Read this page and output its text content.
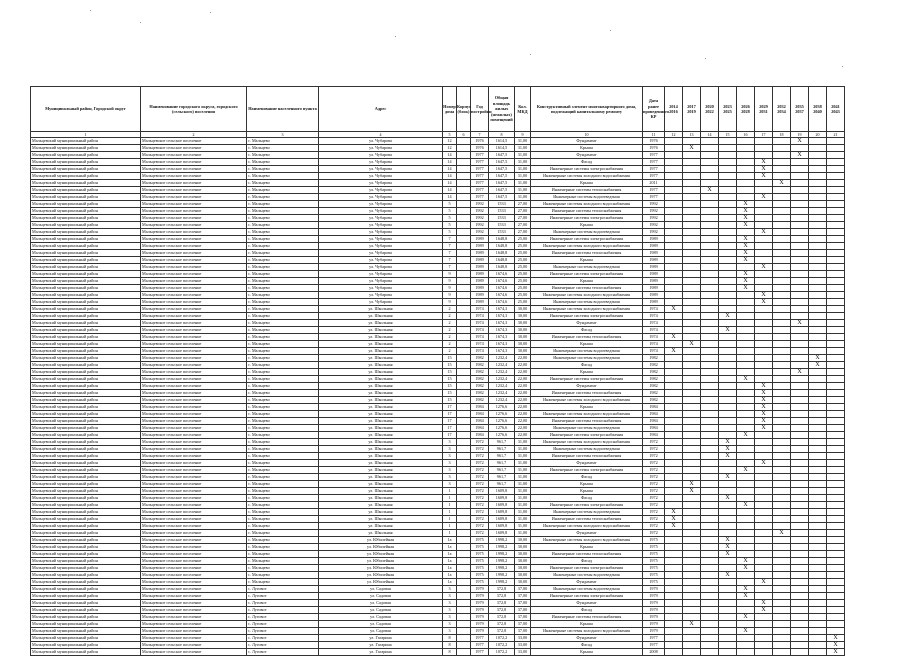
Муниципальный район, Городской округ	Наименование городского округа, городского (сельского) поселения	Наименование населенного пункта	Адрес	Номер дома	Корпус (блок)	Год постройки	Общая площадь жилых (нежилых) помещений	Кол. МКД	Конструктивный элемент многоквартирного дома, подлежащий капитальному ремонту	Дата ранее проведенного КР	2014 2016	2017 2019	2020 2022	2023 2025	2026 2028	2029 2031	2032 2034	2035 2037	2038 2040	2041 2043
1	2	3	4	5	6	7	8	9	10	11	12	13	14	15	16	17	18	19	20	21
Мальцевский муниципальный район	Мальцевское сельское поселение	с. Мальцево	ул. Чубарова	12		1976	1614,5	31,00	Фундамент	1976								X		
Мальцевский муниципальный район	Мальцевское сельское поселение	с. Мальцево	ул. Чубарова	12		1976	1614,5	31,00	Крыша	1976		X								
Мальцевский муниципальный район	Мальцевское сельское поселение	с. Мальцево	ул. Чубарова	14		1977	1647,5	31,00	Фундамент	1977								X		
Мальцевский муниципальный район	Мальцевское сельское поселение	с. Мальцево	ул. Чубарова	14		1977	1647,5	31,00	Фасад	1977						X				
Мальцевский муниципальный район	Мальцевское сельское поселение	с. Мальцево	ул. Чубарова	14		1977	1647,5	31,00	Инженерные системы электроснабжения	1977						X				
Мальцевский муниципальный район	Мальцевское сельское поселение	с. Мальцево	ул. Чубарова	14		1977	1647,5	31,00	Инженерные системы холодного водоснабжения	1977						X				
Мальцевский муниципальный район	Мальцевское сельское поселение	с. Мальцево	ул. Чубарова	14		1977	1647,5	31,00	Крыша	2011							X			
Мальцевский муниципальный район	Мальцевское сельское поселение	с. Мальцево	ул. Чубарова	14		1977	1647,5	31,00	Инженерные системы теплоснабжения	1977			X							
Мальцевский муниципальный район	Мальцевское сельское поселение	с. Мальцево	ул. Чубарова	14		1977	1647,5	31,00	Инженерные системы водоотведения	1977						X				
Мальцевский муниципальный район	Мальцевское сельское поселение	с. Мальцево	ул. Чубарова	5		1992	1533	27,00	Инженерные системы холодного водоснабжения	1992					X					
Мальцевский муниципальный район	Мальцевское сельское поселение	с. Мальцево	ул. Чубарова	5		1992	1533	27,00	Инженерные системы теплоснабжения	1992					X					
Мальцевский муниципальный район	Мальцевское сельское поселение	с. Мальцево	ул. Чубарова	5		1992	1533	27,00	Инженерные системы электроснабжения	1992					X					
Мальцевский муниципальный район	Мальцевское сельское поселение	с. Мальцево	ул. Чубарова	5		1992	1533	27,00	Крыша	1992					X					
Мальцевский муниципальный район	Мальцевское сельское поселение	с. Мальцево	ул. Чубарова	5		1992	1533	27,00	Инженерные системы водоотведения	1992						X				
Мальцевский муниципальный район	Мальцевское сельское поселение	с. Мальцево	ул. Чубарова	7		1989	1648,8	25,00	Инженерные системы электроснабжения	1989					X					
Мальцевский муниципальный район	Мальцевское сельское поселение	с. Мальцево	ул. Чубарова	7		1989	1648,8	25,00	Инженерные системы холодного водоснабжения	1989					X					
Мальцевский муниципальный район	Мальцевское сельское поселение	с. Мальцево	ул. Чубарова	7		1989	1648,8	25,00	Инженерные системы теплоснабжения	1989					X					
Мальцевский муниципальный район	Мальцевское сельское поселение	с. Мальцево	ул. Чубарова	7		1989	1648,8	25,00	Крыша	1989					X					
Мальцевский муниципальный район	Мальцевское сельское поселение	с. Мальцево	ул. Чубарова	7		1989	1648,8	25,00	Инженерные системы водоотведения	1989						X				
Мальцевский муниципальный район	Мальцевское сельское поселение	с. Мальцево	ул. Чубарова	9		1989	1674,6	25,00	Инженерные системы электроснабжения	1989					X					
Мальцевский муниципальный район	Мальцевское сельское поселение	с. Мальцево	ул. Чубарова	9		1989	1674,6	25,00	Крыша	1989					X					
Мальцевский муниципальный район	Мальцевское сельское поселение	с. Мальцево	ул. Чубарова	9		1989	1674,6	25,00	Инженерные системы теплоснабжения	1989					X					
Мальцевский муниципальный район	Мальцевское сельское поселение	с. Мальцево	ул. Чубарова	9		1989	1674,6	25,00	Инженерные системы холодного водоснабжения	1989						X				
Мальцевский муниципальный район	Мальцевское сельское поселение	с. Мальцево	ул. Чубарова	9		1989	1674,6	25,00	Инженерные системы водоотведения	1989						X				
Мальцевский муниципальный район	Мальцевское сельское поселение	с. Мальцево	ул. Школьная	2		1974	1674,3	30,00	Инженерные системы холодного водоснабжения	1974	X									
Мальцевский муниципальный район	Мальцевское сельское поселение	с. Мальцево	ул. Школьная	2		1974	1674,3	30,00	Инженерные системы электроснабжения	1974				X						
Мальцевский муниципальный район	Мальцевское сельское поселение	с. Мальцево	ул. Школьная	2		1974	1674,3	30,00	Фундамент	1974								X		
Мальцевский муниципальный район	Мальцевское сельское поселение	с. Мальцево	ул. Школьная	2		1974	1674,3	30,00	Фасад	1974				X						
Мальцевский муниципальный район	Мальцевское сельское поселение	с. Мальцево	ул. Школьная	2		1974	1674,3	30,00	Инженерные системы теплоснабжения	1974	X									
Мальцевский муниципальный район	Мальцевское сельское поселение	с. Мальцево	ул. Школьная	2		1974	1674,3	30,00	Крыша	1974		X								
Мальцевский муниципальный район	Мальцевское сельское поселение	с. Мальцево	ул. Школьная	2		1974	1674,3	30,00	Инженерные системы водоотведения	1974	X									
Мальцевский муниципальный район	Мальцевское сельское поселение	с. Мальцево	ул. Школьная	15		1982	1232,4	22,00	Инженерные системы водоотведения	1982									X	
Мальцевский муниципальный район	Мальцевское сельское поселение	с. Мальцево	ул. Школьная	15		1982	1232,4	22,00	Фасад	1982									X	
Мальцевский муниципальный район	Мальцевское сельское поселение	с. Мальцево	ул. Школьная	15		1982	1232,4	22,00	Крыша	1982								X		
Мальцевский муниципальный район	Мальцевское сельское поселение	с. Мальцево	ул. Школьная	15		1982	1232,4	22,00	Инженерные системы электроснабжения	1982					X					
Мальцевский муниципальный район	Мальцевское сельское поселение	с. Мальцево	ул. Школьная	15		1982	1232,4	22,00	Фундамент	1982						X				
Мальцевский муниципальный район	Мальцевское сельское поселение	с. Мальцево	ул. Школьная	15		1982	1232,4	22,00	Инженерные системы теплоснабжения	1982						X				
Мальцевский муниципальный район	Мальцевское сельское поселение	с. Мальцево	ул. Школьная	15		1982	1232,4	22,00	Инженерные системы холодного водоснабжения	1982						X				
Мальцевский муниципальный район	Мальцевское сельское поселение	с. Мальцево	ул. Школьная	17		1984	1276,6	22,00	Крыша	1984						X				
Мальцевский муниципальный район	Мальцевское сельское поселение	с. Мальцево	ул. Школьная	17		1984	1276,6	22,00	Инженерные системы холодного водоснабжения	1984						X				
Мальцевский муниципальный район	Мальцевское сельское поселение	с. Мальцево	ул. Школьная	17		1984	1276,6	22,00	Инженерные системы теплоснабжения	1984						X				
Мальцевский муниципальный район	Мальцевское сельское поселение	с. Мальцево	ул. Школьная	17		1984	1276,6	22,00	Инженерные системы водоотведения	1984						X				
Мальцевский муниципальный район	Мальцевское сельское поселение	с. Мальцево	ул. Школьная	17		1984	1276,6	22,00	Инженерные системы электроснабжения	1984					X					
Мальцевский муниципальный район	Мальцевское сельское поселение	с. Мальцево	ул. Школьная	3		1972	961,7	31,00	Инженерные системы холодного водоснабжения	1972				X						
Мальцевский муниципальный район	Мальцевское сельское поселение	с. Мальцево	ул. Школьная	3		1972	961,7	31,00	Инженерные системы водоотведения	1972				X						
Мальцевский муниципальный район	Мальцевское сельское поселение	с. Мальцево	ул. Школьная	3		1972	961,7	31,00	Инженерные системы теплоснабжения	1972				X						
Мальцевский муниципальный район	Мальцевское сельское поселение	с. Мальцево	ул. Школьная	3		1972	961,7	31,00	Фундамент	1972						X				
Мальцевский муниципальный район	Мальцевское сельское поселение	с. Мальцево	ул. Школьная	3		1972	961,7	31,00	Инженерные системы электроснабжения	1972					X					
Мальцевский муниципальный район	Мальцевское сельское поселение	с. Мальцево	ул. Школьная	3		1972	961,7	31,00	Фасад	1972				X						
Мальцевский муниципальный район	Мальцевское сельское поселение	с. Мальцево	ул. Школьная	3		1972	961,7	31,00	Крыша	1972		X								
Мальцевский муниципальный район	Мальцевское сельское поселение	с. Мальцево	ул. Школьная	1		1972	1609,8	31,00	Крыша	1972		X								
Мальцевский муниципальный район	Мальцевское сельское поселение	с. Мальцево	ул. Школьная	1		1972	1609,8	31,00	Фасад	1972				X						
Мальцевский муниципальный район	Мальцевское сельское поселение	с. Мальцево	ул. Школьная	1		1972	1609,8	31,00	Инженерные системы электроснабжения	1972					X					
Мальцевский муниципальный район	Мальцевское сельское поселение	с. Мальцево	ул. Школьная	1		1972	1609,8	31,00	Инженерные системы водоотведения	1972	X									
Мальцевский муниципальный район	Мальцевское сельское поселение	с. Мальцево	ул. Школьная	1		1972	1609,8	31,00	Инженерные системы теплоснабжения	1972	X									
Мальцевский муниципальный район	Мальцевское сельское поселение	с. Мальцево	ул. Школьная	1		1972	1609,8	31,00	Инженерные системы холодного водоснабжения	1972	X									
Мальцевский муниципальный район	Мальцевское сельское поселение	с. Мальцево	ул. Школьная	1		1972	1609,8	31,00	Фундамент	1972							X			
Мальцевский муниципальный район	Мальцевское сельское поселение	с. Мальцево	ул. Юбилейная	1а		1975	1998,2	30,00	Инженерные системы холодного водоснабжения	1975				X						
Мальцевский муниципальный район	Мальцевское сельское поселение	с. Мальцево	ул. Юбилейная	1а		1975	1998,2	30,00	Крыша	1975				X						
Мальцевский муниципальный район	Мальцевское сельское поселение	с. Мальцево	ул. Юбилейная	1а		1975	1998,2	30,00	Инженерные системы теплоснабжения	1975				X						
Мальцевский муниципальный район	Мальцевское сельское поселение	с. Мальцево	ул. Юбилейная	1а		1975	1998,2	30,00	Фасад	1975					X					
Мальцевский муниципальный район	Мальцевское сельское поселение	с. Мальцево	ул. Юбилейная	1а		1975	1998,2	30,00	Инженерные системы электроснабжения	1975					X					
Мальцевский муниципальный район	Мальцевское сельское поселение	с. Мальцево	ул. Юбилейная	1а		1975	1998,2	30,00	Инженерные системы водоотведения	1975				X						
Мальцевский муниципальный район	Мальцевское сельское поселение	с. Мальцево	ул. Юбилейная	1а		1975	1998,2	30,00	Фундамент	1975						X				
Мальцевский муниципальный район	Мальцевское сельское поселение	с. Луговое	ул. Садовая	3		1979	372,8	37,00	Инженерные системы водоотведения	1979					X					
Мальцевский муниципальный район	Мальцевское сельское поселение	с. Луговое	ул. Садовая	3		1979	372,8	37,00	Инженерные системы электроснабжения	1979					X					
Мальцевский муниципальный район	Мальцевское сельское поселение	с. Луговое	ул. Садовая	3		1979	372,8	37,00	Фундамент	1979						X				
Мальцевский муниципальный район	Мальцевское сельское поселение	с. Луговое	ул. Садовая	3		1979	372,8	37,00	Фасад	1979						X				
Мальцевский муниципальный район	Мальцевское сельское поселение	с. Луговое	ул. Садовая	3		1979	372,8	37,00	Инженерные системы теплоснабжения	1979					X					
Мальцевский муниципальный район	Мальцевское сельское поселение	с. Луговое	ул. Садовая	3		1979	372,8	37,00	Крыша	1979		X								
Мальцевский муниципальный район	Мальцевское сельское поселение	с. Луговое	ул. Садовая	3		1979	372,8	37,00	Инженерные системы холодного водоснабжения	1979					X					
Мальцевский муниципальный район	Мальцевское сельское поселение	с. Луговое	ул. Гагарина	8		1977	1072,2	33,00	Фундамент	1977										X
Мальцевский муниципальный район	Мальцевское сельское поселение	с. Луговое	ул. Гагарина	8		1977	1072,2	33,00	Фасад	1977										X
Мальцевский муниципальный район	Мальцевское сельское поселение	с. Луговое	ул. Гагарина	8		1977	1072,2	33,00	Крыша	2008										X
